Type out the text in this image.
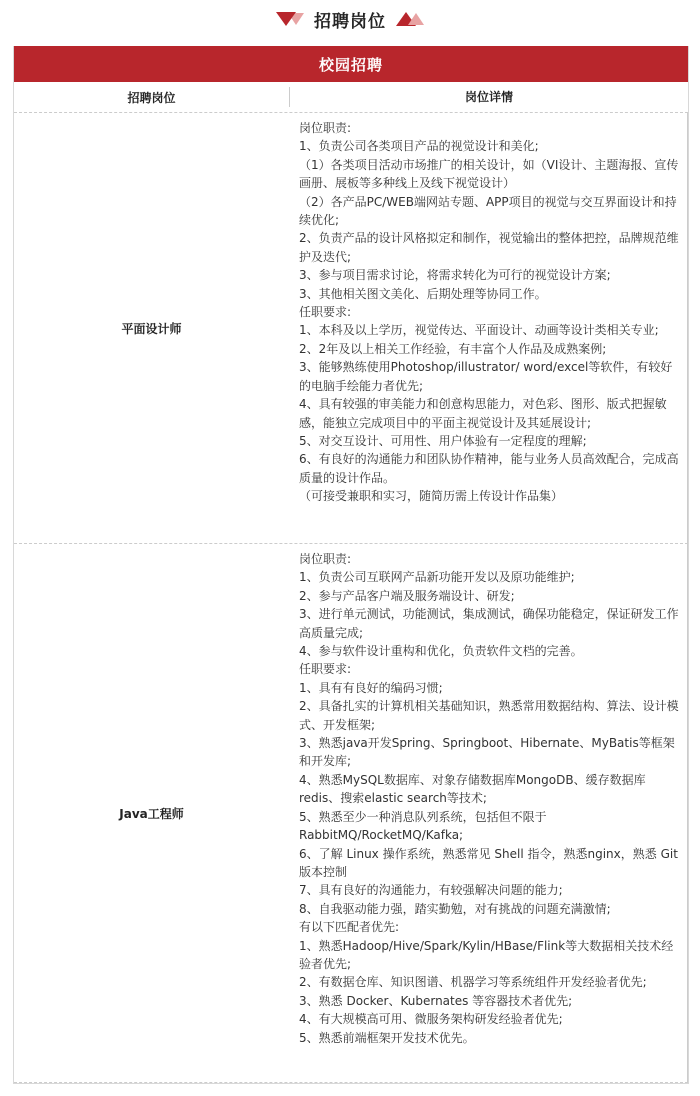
招聘岗位
校园招聘
招聘岗位	岗位详情
平面设计师
岗位职责:
1、负责公司各类项目产品的视觉设计和美化;
（1）各类项目活动市场推广的相关设计，如（VI设计、主题海报、宣传画册、展板等多种线上及线下视觉设计）
（2）各产品PC/WEB端网站专题、APP项目的视觉与交互界面设计和持续优化;
2、负责产品的设计风格拟定和制作，视觉输出的整体把控，品牌规范维护及迭代;
3、参与项目需求讨论，将需求转化为可行的视觉设计方案;
3、其他相关图文美化、后期处理等协同工作。
任职要求:
1、本科及以上学历，视觉传达、平面设计、动画等设计类相关专业;
2、2年及以上相关工作经验，有丰富个人作品及成熟案例;
3、能够熟练使用Photoshop/illustrator/ word/excel等软件，有较好的电脑手绘能力者优先;
4、具有较强的审美能力和创意构思能力，对色彩、图形、版式把握敏感，能独立完成项目中的平面主视觉设计及其延展设计;
5、对交互设计、可用性、用户体验有一定程度的理解;
6、有良好的沟通能力和团队协作精神，能与业务人员高效配合，完成高质量的设计作品。
（可接受兼职和实习，随简历需上传设计作品集）
Java工程师
岗位职责:
1、负责公司互联网产品新功能开发以及原功能维护;
2、参与产品客户端及服务端设计、研发;
3、进行单元测试，功能测试，集成测试，确保功能稳定，保证研发工作高质量完成;
4、参与软件设计重构和优化，负责软件文档的完善。
任职要求:
1、具有有良好的编码习惯;
2、具备扎实的计算机相关基础知识，熟悉常用数据结构、算法、设计模式、开发框架;
3、熟悉java开发Spring、Springboot、Hibernate、MyBatis等框架和开发库;
4、熟悉MySQL数据库、对象存储数据库MongoDB、缓存数据库redis、搜索elastic search等技术;
5、熟悉至少一种消息队列系统，包括但不限于 RabbitMQ/RocketMQ/Kafka;
6、了解 Linux 操作系统，熟悉常见 Shell 指令，熟悉nginx，熟悉 Git 版本控制
7、具有良好的沟通能力，有较强解决问题的能力;
8、自我驱动能力强，踏实勤勉，对有挑战的问题充满激情;
有以下匹配者优先:
1、熟悉Hadoop/Hive/Spark/Kylin/HBase/Flink等大数据相关技术经验者优先;
2、有数据仓库、知识图谱、机器学习等系统组件开发经验者优先;
3、熟悉 Docker、Kubernates 等容器技术者优先;
4、有大规模高可用、微服务架构研发经验者优先;
5、熟悉前端框架开发技术优先。
